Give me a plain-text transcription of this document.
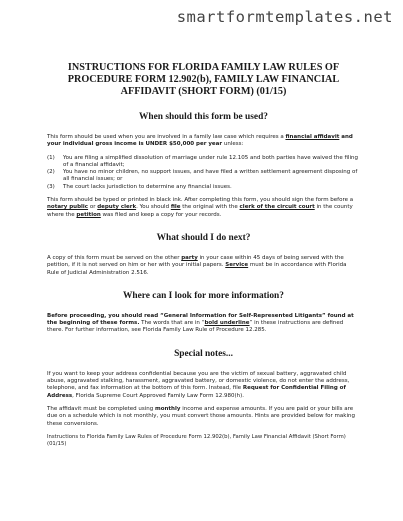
smartformtemplates.net
INSTRUCTIONS FOR FLORIDA FAMILY LAW RULES OF PROCEDURE FORM 12.902(b), FAMILY LAW FINANCIAL AFFIDAVIT (SHORT FORM) (01/15)
When should this form be used?

This form should be used when you are involved in a family law case which requires a financial affidavit and your individual gross income is UNDER $50,000 per year unless:

(1) You are filing a simplified dissolution of marriage under rule 12.105 and both parties have waived the filing of a financial affidavit;
(2) You have no minor children, no support issues, and have filed a written settlement agreement disposing of all financial issues; or
(3) The court lacks jurisdiction to determine any financial issues.

This form should be typed or printed in black ink. After completing this form, you should sign the form before a notary public or deputy clerk. You should file the original with the clerk of the circuit court in the county where the petition was filed and keep a copy for your records.

What should I do next?

A copy of this form must be served on the other party in your case within 45 days of being served with the petition, if it is not served on him or her with your initial papers. Service must be in accordance with Florida Rule of Judicial Administration 2.516.

Where can I look for more information?

Before proceeding, you should read “General Information for Self-Represented Litigants” found at the beginning of these forms. The words that are in “bold underline” in these instructions are defined there. For further information, see Florida Family Law Rule of Procedure 12.285.

Special notes...

If you want to keep your address confidential because you are the victim of sexual battery, aggravated child abuse, aggravated stalking, harassment, aggravated battery, or domestic violence, do not enter the address, telephone, and fax information at the bottom of this form. Instead, file Request for Confidential Filing of Address, Florida Supreme Court Approved Family Law Form 12.980(h).

The affidavit must be completed using monthly income and expense amounts. If you are paid or your bills are due on a schedule which is not monthly, you must convert those amounts. Hints are provided below for making these conversions.

Instructions to Florida Family Law Rules of Procedure Form 12.902(b), Family Law Financial Affidavit (Short Form) (01/15)
